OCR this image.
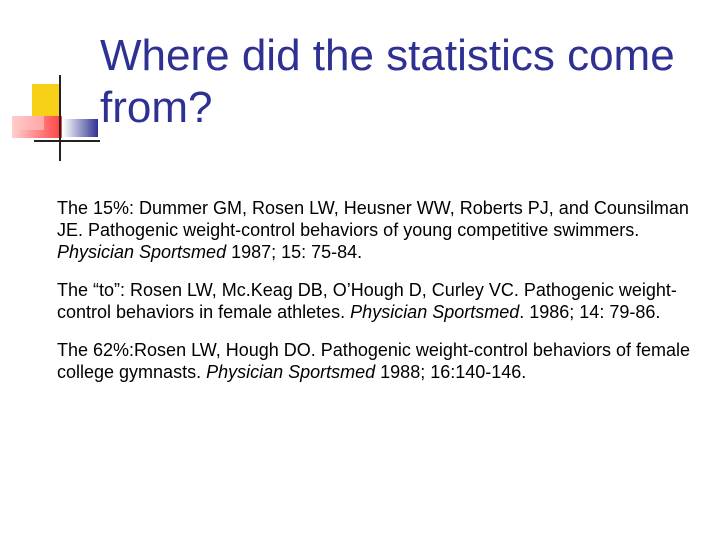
Where did the statistics come
from?

The 15%: Dummer GM, Rosen LW, Heusner WW, Roberts PJ, and Counsilman JE. Pathogenic weight-control behaviors of young competitive swimmers. Physician Sportsmed 1987; 15: 75-84.

The “to”: Rosen LW, Mc.Keag DB, O’Hough D, Curley VC. Pathogenic weight-control behaviors in female athletes. Physician Sportsmed. 1986; 14: 79-86.

The 62%:Rosen LW, Hough DO. Pathogenic weight-control behaviors of female college gymnasts. Physician Sportsmed 1988; 16:140-146.
